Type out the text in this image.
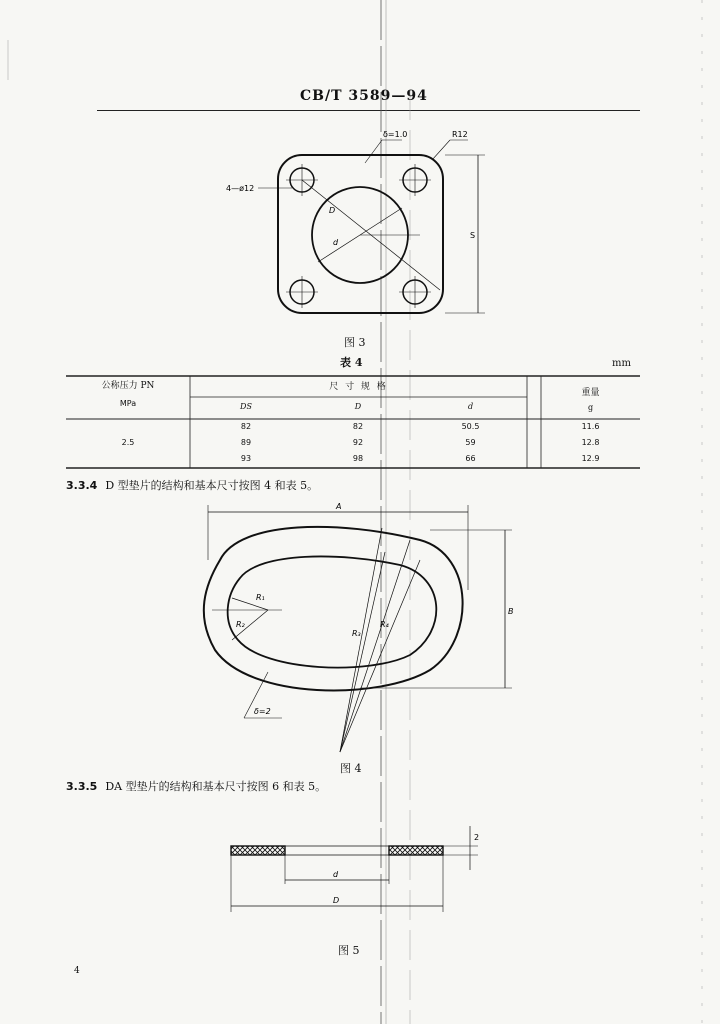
CB/T 3589—94
4—ø12
δ=1.0	R12
D
d
S
A
B
R₁
R₂
R₃
R₄
δ=2
d
D
2
图 3
表 4	mm
公称压力 PN
MPa
尺 寸 规 格
重量
g
DS	D	d
2.5
82	82	50.5	11.6
89	92	59	12.8
93	98	66	12.9
3.3.4 D 型垫片的结构和基本尺寸按图 4 和表 5。
图 4
3.3.5 DA 型垫片的结构和基本尺寸按图 6 和表 5。
图 5
4
